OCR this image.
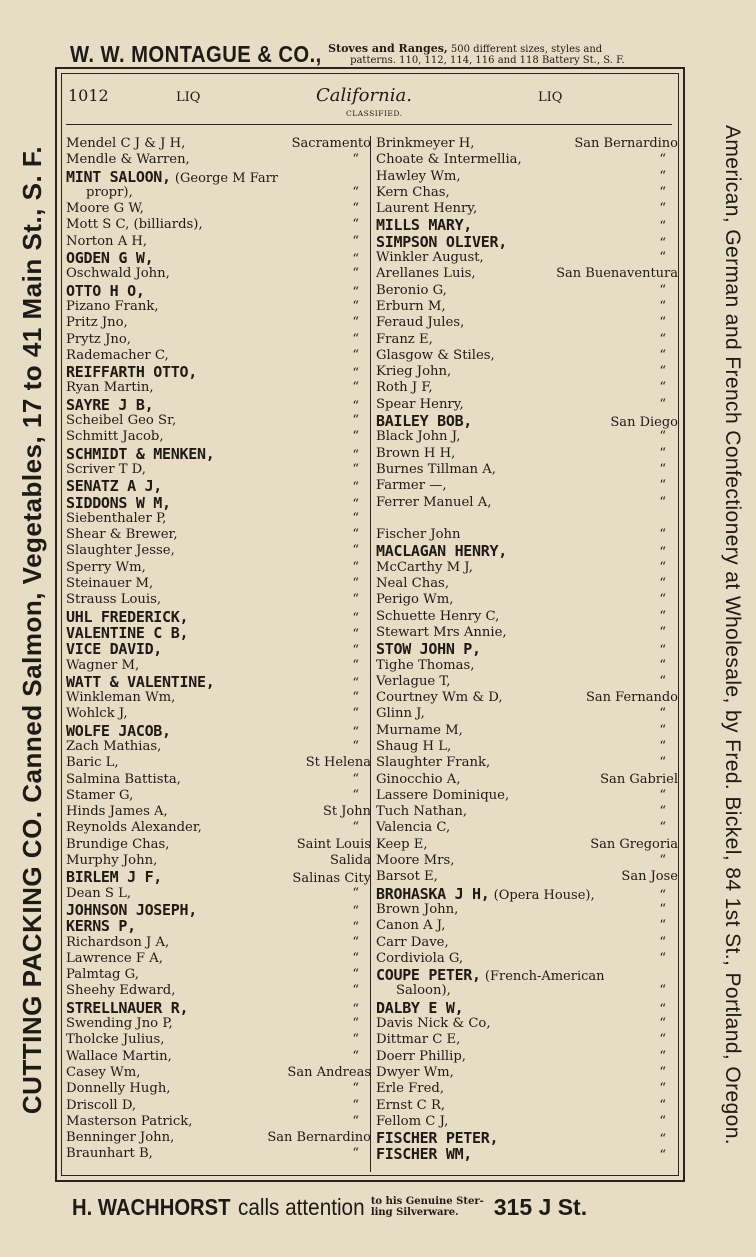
W. W. MONTAGUE & CO., Stoves and Ranges, 500 different sizes, styles and
patterns. 110, 112, 114, 116 and 118 Battery St., S. F.
CUTTING PACKING CO. Canned Salmon, Vegetables, 17 to 41 Main St., S. F.	American, German and French Confectionery at Wholesale, by Fred. Bickel, 84 1st St., Portland, Oregon.
1012	LIQ	California.
CLASSIFIED.
LIQ
Mendel C J & J H,	Sacramento
Mendle & Warren,	“
MINT SALOON, (George M Farr
propr),	“
Moore G W,	“
Mott S C, (billiards),	“
Norton A H,	“
OGDEN G W,	“
Oschwald John,	“
OTTO H O,	“
Pizano Frank,	“
Pritz Jno,	“
Prytz Jno,	“
Rademacher C,	“
REIFFARTH OTTO,	“
Ryan Martin,	“
SAYRE J B,	“
Scheibel Geo Sr,	“
Schmitt Jacob,	“
SCHMIDT & MENKEN,	“
Scriver T D,	“
SENATZ A J,	“
SIDDONS W M,	“
Siebenthaler P,	“
Shear & Brewer,	“
Slaughter Jesse,	“
Sperry Wm,	“
Steinauer M,	“
Strauss Louis,	“
UHL FREDERICK,	“
VALENTINE C B,	“
VICE DAVID,	“
Wagner M,	“
WATT & VALENTINE,	“
Winkleman Wm,	“
Wohlck J,	“
WOLFE JACOB,	“
Zach Mathias,	“
Baric L,	St Helena
Salmina Battista,	“
Stamer G,	“
Hinds James A,	St John
Reynolds Alexander,	“
Brundige Chas,	Saint Louis
Murphy John,	Salida
BIRLEM J F,	Salinas City
Dean S L,	“
JOHNSON JOSEPH,	“
KERNS P,	“
Richardson J A,	“
Lawrence F A,	“
Palmtag G,	“
Sheehy Edward,	“
STRELLNAUER R,	“
Swending Jno P,	“
Tholcke Julius,	“
Wallace Martin,	“
Casey Wm,	San Andreas
Donnelly Hugh,	“
Driscoll D,	“
Masterson Patrick,	“
Benninger John,	San Bernardino
Braunhart B,	“
Brinkmeyer H,	San Bernardino
Choate & Intermellia,	“
Hawley Wm,	“
Kern Chas,	“
Laurent Henry,	“
MILLS MARY,	“
SIMPSON OLIVER,	“
Winkler August,	“
Arellanes Luis,	San Buenaventura
Beronio G,	“
Erburn M,	“
Feraud Jules,	“
Franz E,	“
Glasgow & Stiles,	“
Krieg John,	“
Roth J F,	“
Spear Henry,	“
BAILEY BOB,	San Diego
Black John J,	“
Brown H H,	“
Burnes Tillman A,	“
Farmer —,	“
Ferrer Manuel A,	“
Fischer John	“
MACLAGAN HENRY,	“
McCarthy M J,	“
Neal Chas,	“
Perigo Wm,	“
Schuette Henry C,	“
Stewart Mrs Annie,	“
STOW JOHN P,	“
Tighe Thomas,	“
Verlague T,	“
Courtney Wm & D,	San Fernando
Glinn J,	“
Murname M,	“
Shaug H L,	“
Slaughter Frank,	“
Ginocchio A,	San Gabriel
Lassere Dominique,	“
Tuch Nathan,	“
Valencia C,	“
Keep E,	San Gregoria
Moore Mrs,	“
Barsot E,	San Jose
BROHASKA J H, (Opera House),	“
Brown John,	“
Canon A J,	“
Carr Dave,	“
Cordiviola G,	“
COUPE PETER, (French-American
Saloon),	“
DALBY E W,	“
Davis Nick & Co,	“
Dittmar C E,	“
Doerr Phillip,	“
Dwyer Wm,	“
Erle Fred,	“
Ernst C R,	“
Fellom C J,	“
FISCHER PETER,	“
FISCHER WM,	“
H. WACHHORST calls attention to his Genuine Ster-
ling Silverware.	315 J St.
